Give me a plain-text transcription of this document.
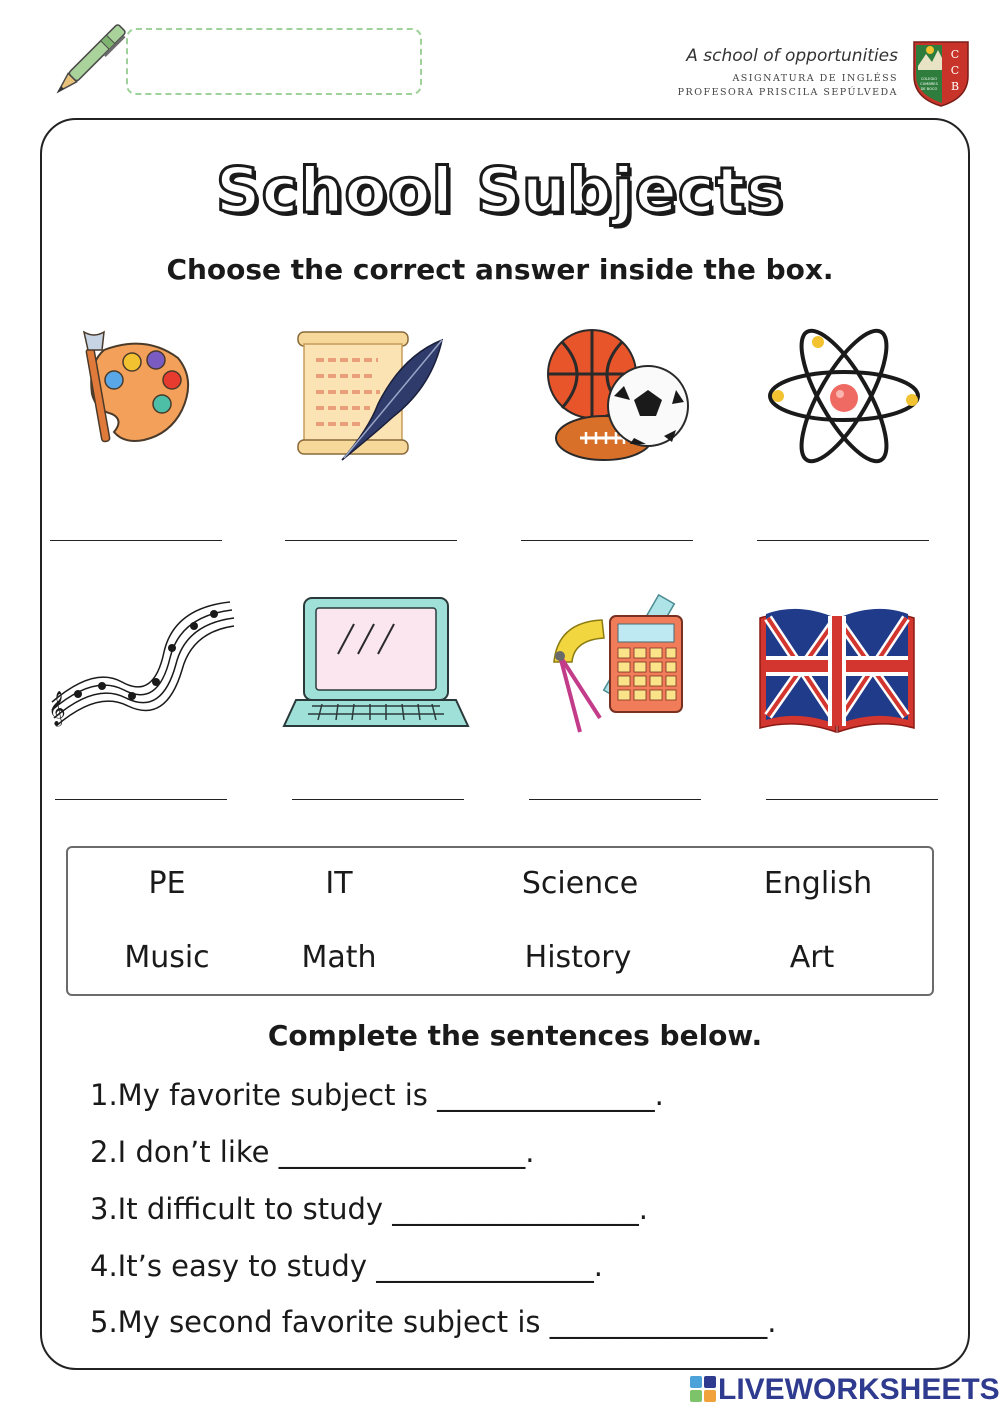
A school of opportunities
ASIGNATURA DE INGLÉSS
PROFESORA PRISCILA SEPÚLVEDA
C
C
B
COLEGIO
CUMBRES
DE BOCO
School Subjects
Choose the correct answer inside the box.
𝄞
PE	IT	Science	English
Music	Math	History	Art
Complete the sentences below.
1.My favorite subject is _______________.
2.I don’t like _________________.
3.It difficult to study _________________.
4.It’s easy to study _______________.
5.My second favorite subject is _______________.
LIVEWORKSHEETS
